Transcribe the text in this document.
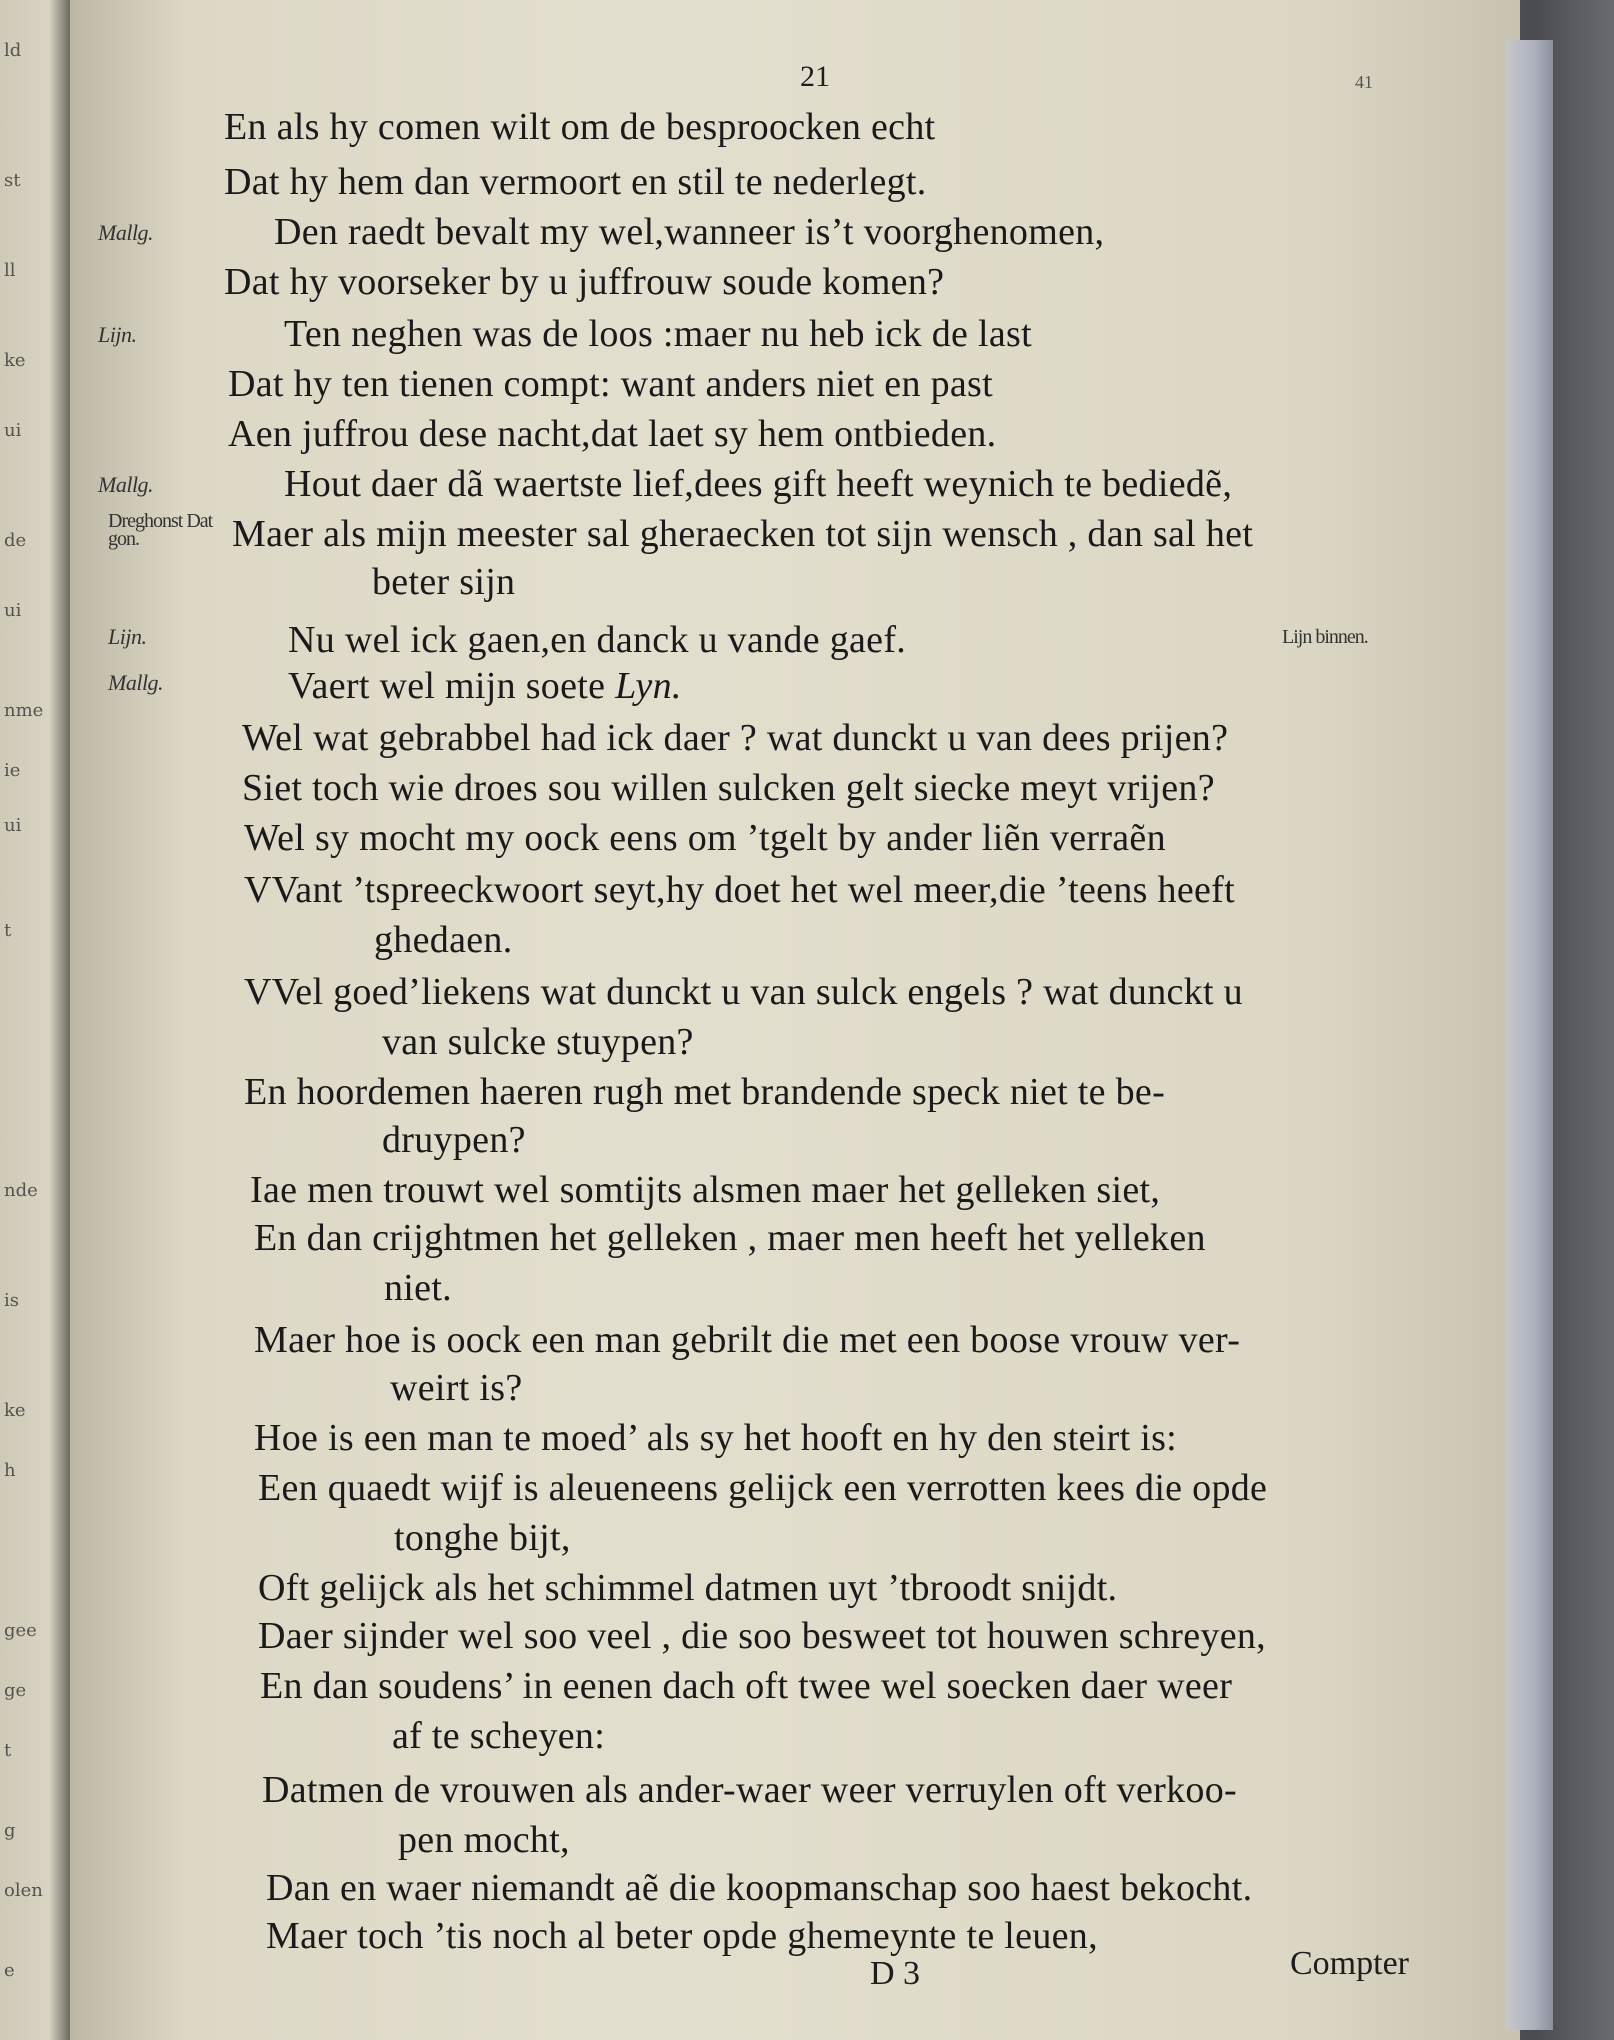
ld
st
ll
ke
ui
de
ui
nme
ie
ui
t
nde
is
ke
h
gee
ge
t
g
olen
e
21	41
Mallg.
Lijn.
Mallg.
Lijn.
Mallg.
Dreghonst Dat gon.
Lijn binnen.
En als hy comen wilt om de besproocken echt
Dat hy hem dan vermoort en stil te nederlegt.
Den raedt bevalt my wel,wanneer is’t voorghenomen,
Dat hy voorseker by u juffrouw soude komen?
Ten neghen was de loos :maer nu heb ick de last
Dat hy ten tienen compt: want anders niet en past
Aen juffrou dese nacht,dat laet sy hem ontbieden.
Hout daer dã waertste lief,dees gift heeft weynich te bediedẽ,
Maer als mijn meester sal gheraecken tot sijn wensch , dan sal het
beter sijn
Nu wel ick gaen,en danck u vande gaef.
Vaert wel mijn soete Lyn.
Wel wat gebrabbel had ick daer ? wat dunckt u van dees prijen?
Siet toch wie droes sou willen sulcken gelt siecke meyt vrijen?
Wel sy mocht my oock eens om ’tgelt by ander liẽn verraẽn
VVant ’tspreeckwoort seyt,hy doet het wel meer,die ’teens heeft
ghedaen.
VVel goed’liekens wat dunckt u van sulck engels ? wat dunckt u
van sulcke stuypen?
En hoordemen haeren rugh met brandende speck niet te be-
druypen?
Iae men trouwt wel somtijts alsmen maer het gelleken siet,
En dan crijghtmen het gelleken , maer men heeft het yelleken
niet.
Maer hoe is oock een man gebrilt die met een boose vrouw ver-
weirt is?
Hoe is een man te moed’ als sy het hooft en hy den steirt is:
Een quaedt wijf is aleueneens gelijck een verrotten kees die opde
tonghe bijt,
Oft gelijck als het schimmel datmen uyt ’tbroodt snijdt.
Daer sijnder wel soo veel , die soo besweet tot houwen schreyen,
En dan soudens’ in eenen dach oft twee wel soecken daer weer
af te scheyen:
Datmen de vrouwen als ander-waer weer verruylen oft verkoo-
pen mocht,
Dan en waer niemandt aẽ die koopmanschap soo haest bekocht.
Maer toch ’tis noch al beter opde ghemeynte te leuen,
D 3	Compter
